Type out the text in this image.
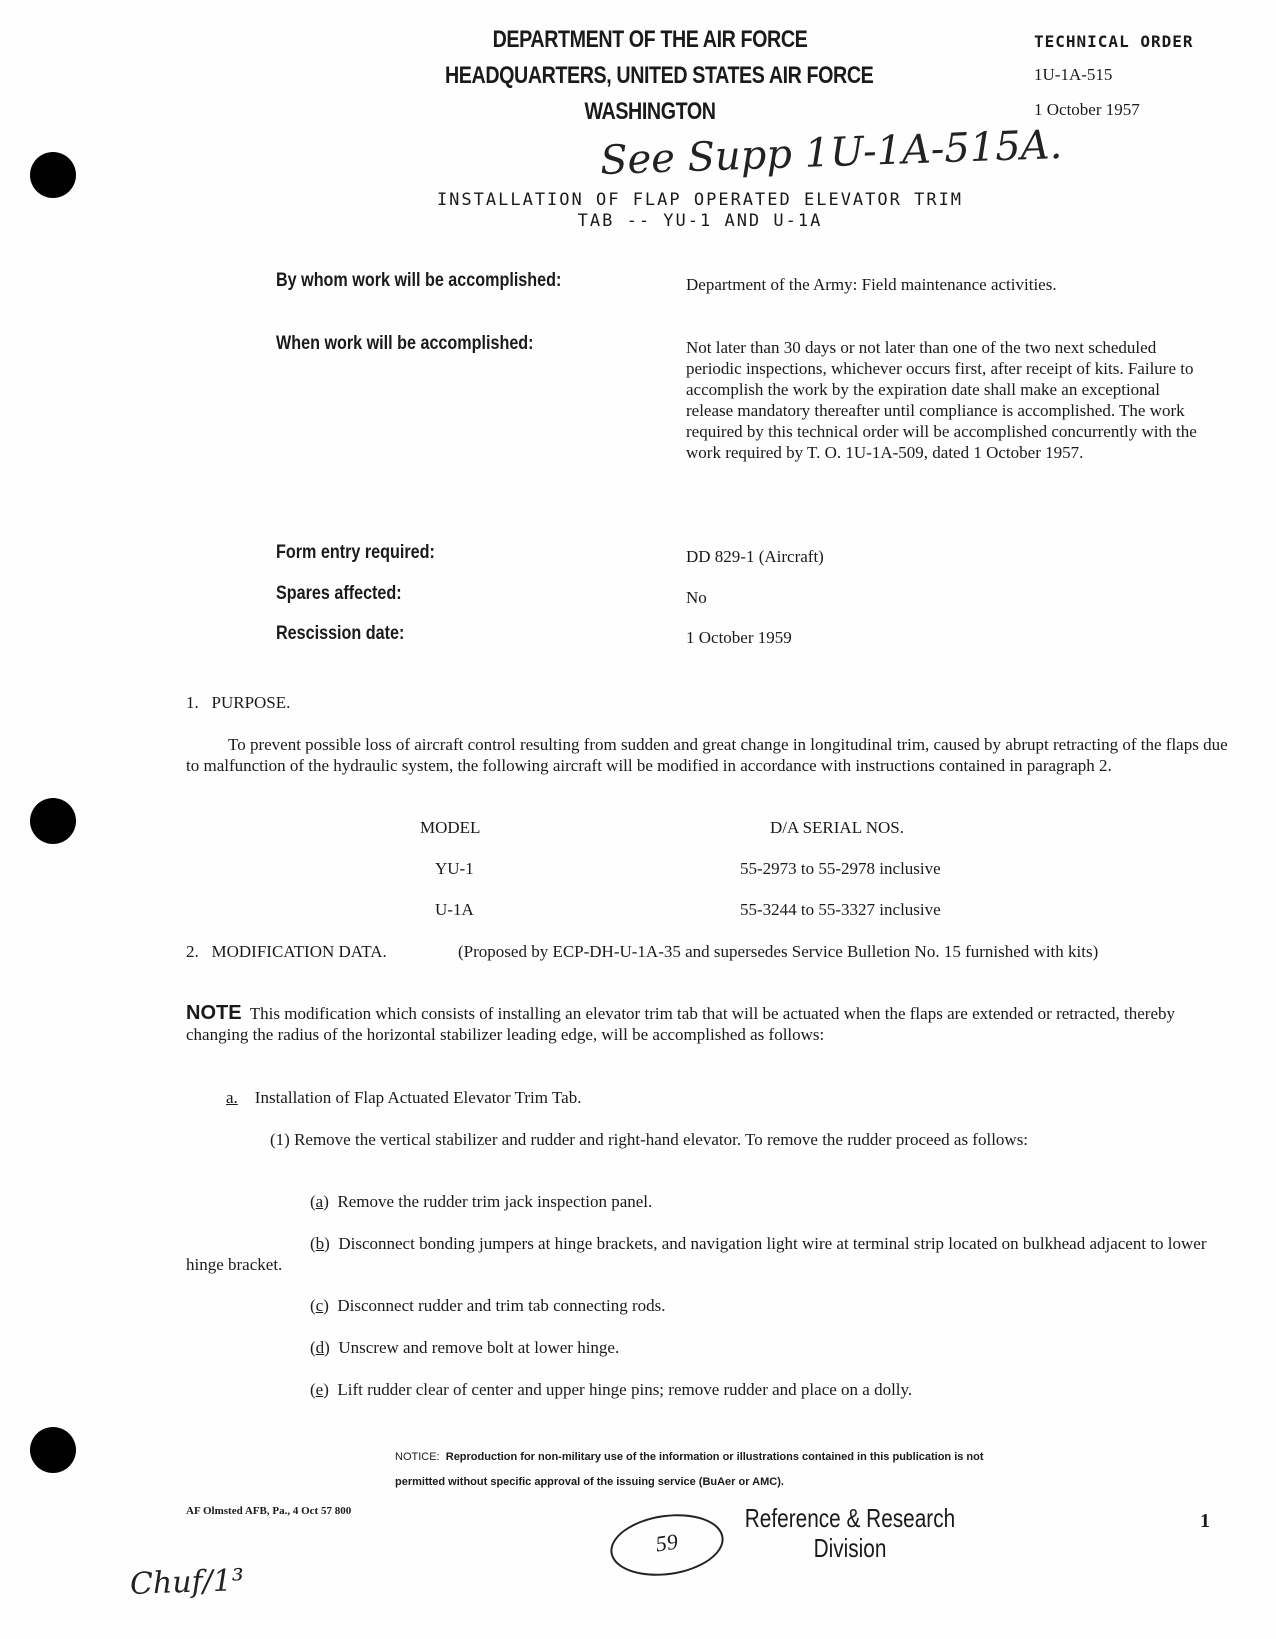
DEPARTMENT OF THE AIR FORCE
HEADQUARTERS, UNITED STATES AIR FORCE
WASHINGTON
TECHNICAL ORDER
1U-1A-515
1 October 1957
See Supp 1U-1A-515A.
INSTALLATION OF FLAP OPERATED ELEVATOR TRIM
TAB -- YU-1 AND U-1A
By whom work will be accomplished:	Department of the Army: Field maintenance activities.
When work will be accomplished:	Not later than 30 days or not later than one of the two next scheduled periodic inspections, whichever occurs first, after receipt of kits. Failure to accomplish the work by the expiration date shall make an exceptional release mandatory thereafter until compliance is accomplished. The work required by this technical order will be accomplished concurrently with the work required by T. O. 1U-1A-509, dated 1 October 1957.
Form entry required:	DD 829-1 (Aircraft)
Spares affected:	No
Rescission date:	1 October 1959
1.   PURPOSE.
To prevent possible loss of aircraft control resulting from sudden and great change in longitudinal trim, caused by abrupt retracting of the flaps due to malfunction of the hydraulic system, the following aircraft will be modified in accordance with instructions contained in paragraph 2.
MODEL	D/A SERIAL NOS.
YU-1	55-2973 to 55-2978 inclusive
U-1A	55-3244 to 55-3327 inclusive
2.   MODIFICATION DATA.	(Proposed by ECP-DH-U-1A-35 and supersedes Service Bulletion No. 15 furnished with kits)
NOTE This modification which consists of installing an elevator trim tab that will be actuated when the flaps are extended or retracted, thereby changing the radius of the horizontal stabilizer leading edge, will be accomplished as follows:
a. Installation of Flap Actuated Elevator Trim Tab.
(1) Remove the vertical stabilizer and rudder and right-hand elevator. To remove the rudder proceed as follows:
(a)  Remove the rudder trim jack inspection panel.
(b)  Disconnect bonding jumpers at hinge brackets, and navigation light wire at terminal strip located on bulkhead adjacent to lower hinge bracket.
(c)  Disconnect rudder and trim tab connecting rods.
(d)  Unscrew and remove bolt at lower hinge.
(e)  Lift rudder clear of center and upper hinge pins; remove rudder and place on a dolly.
NOTICE: Reproduction for non-military use of the information or illustrations contained in this publication is not permitted without specific approval of the issuing service (BuAer or AMC).
AF Olmsted AFB, Pa., 4 Oct 57 800
59
Reference & Research
Division
1
Chuf/1³
